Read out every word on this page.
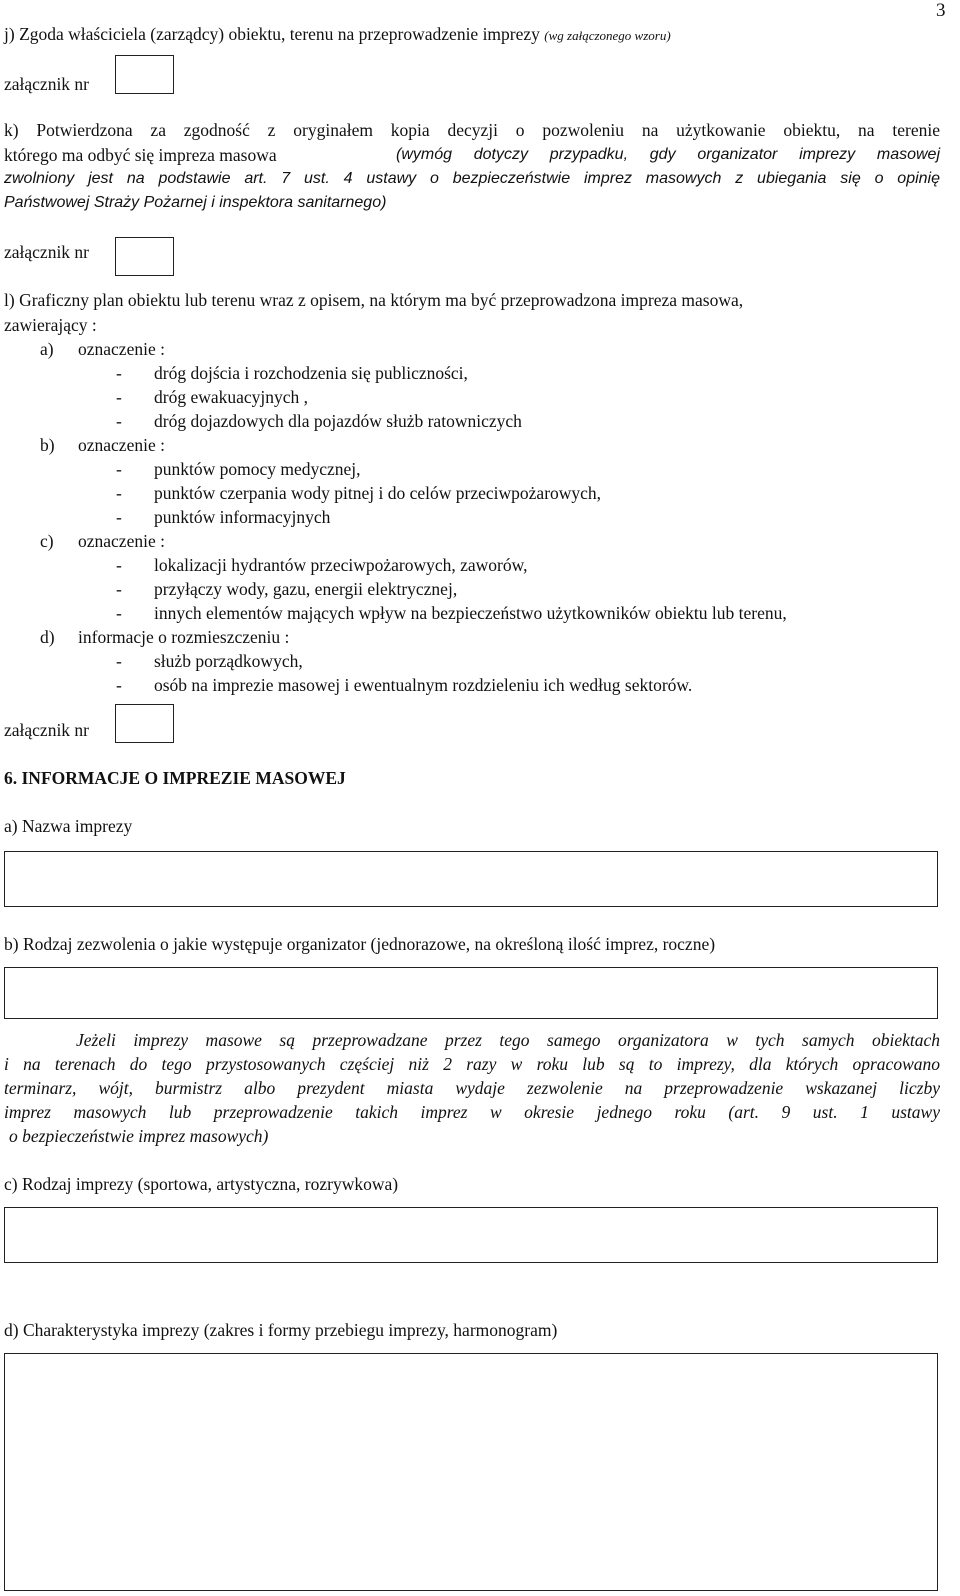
3
j) Zgoda właściciela (zarządcy) obiektu, terenu na przeprowadzenie imprezy (wg załączonego wzoru)
załącznik nr
k) Potwierdzona za zgodność z oryginałem kopia decyzji o pozwoleniu na użytkowanie obiektu, na terenie
którego ma odbyć się impreza masowa	(wymóg dotyczy przypadku, gdy organizator imprezy masowej
zwolniony jest na podstawie art. 7 ust. 4 ustawy o bezpieczeństwie imprez masowych z ubiegania się o opinię
Państwowej Straży Pożarnej i inspektora sanitarnego)
załącznik nr
l) Graficzny plan obiektu lub terenu wraz z opisem, na którym ma być przeprowadzona impreza masowa,
zawierający :
a) oznaczenie :
- dróg dojścia i rozchodzenia się publiczności,
- dróg ewakuacyjnych ,
- dróg dojazdowych dla pojazdów służb ratowniczych
b) oznaczenie :
- punktów pomocy medycznej,
- punktów czerpania wody pitnej i do celów przeciwpożarowych,
- punktów informacyjnych
c) oznaczenie :
- lokalizacji hydrantów przeciwpożarowych, zaworów,
- przyłączy wody, gazu, energii elektrycznej,
- innych elementów mających wpływ na bezpieczeństwo użytkowników obiektu lub terenu,
d) informacje o rozmieszczeniu :
- służb porządkowych,
- osób na imprezie masowej i ewentualnym rozdzieleniu ich według sektorów.
załącznik nr
6. INFORMACJE O IMPREZIE MASOWEJ
a) Nazwa imprezy
b) Rodzaj zezwolenia o jakie występuje organizator (jednorazowe, na określoną ilość imprez, roczne)
Jeżeli imprezy masowe są przeprowadzane przez tego samego organizatora w tych samych obiektach
i na terenach do tego przystosowanych częściej niż 2 razy w roku lub są to imprezy, dla których opracowano
terminarz, wójt, burmistrz albo prezydent miasta wydaje zezwolenie na przeprowadzenie wskazanej liczby
imprez masowych lub przeprowadzenie takich imprez w okresie jednego roku (art. 9 ust. 1 ustawy
o bezpieczeństwie imprez masowych)
c) Rodzaj imprezy (sportowa, artystyczna, rozrywkowa)
d) Charakterystyka imprezy (zakres i formy przebiegu imprezy, harmonogram)
